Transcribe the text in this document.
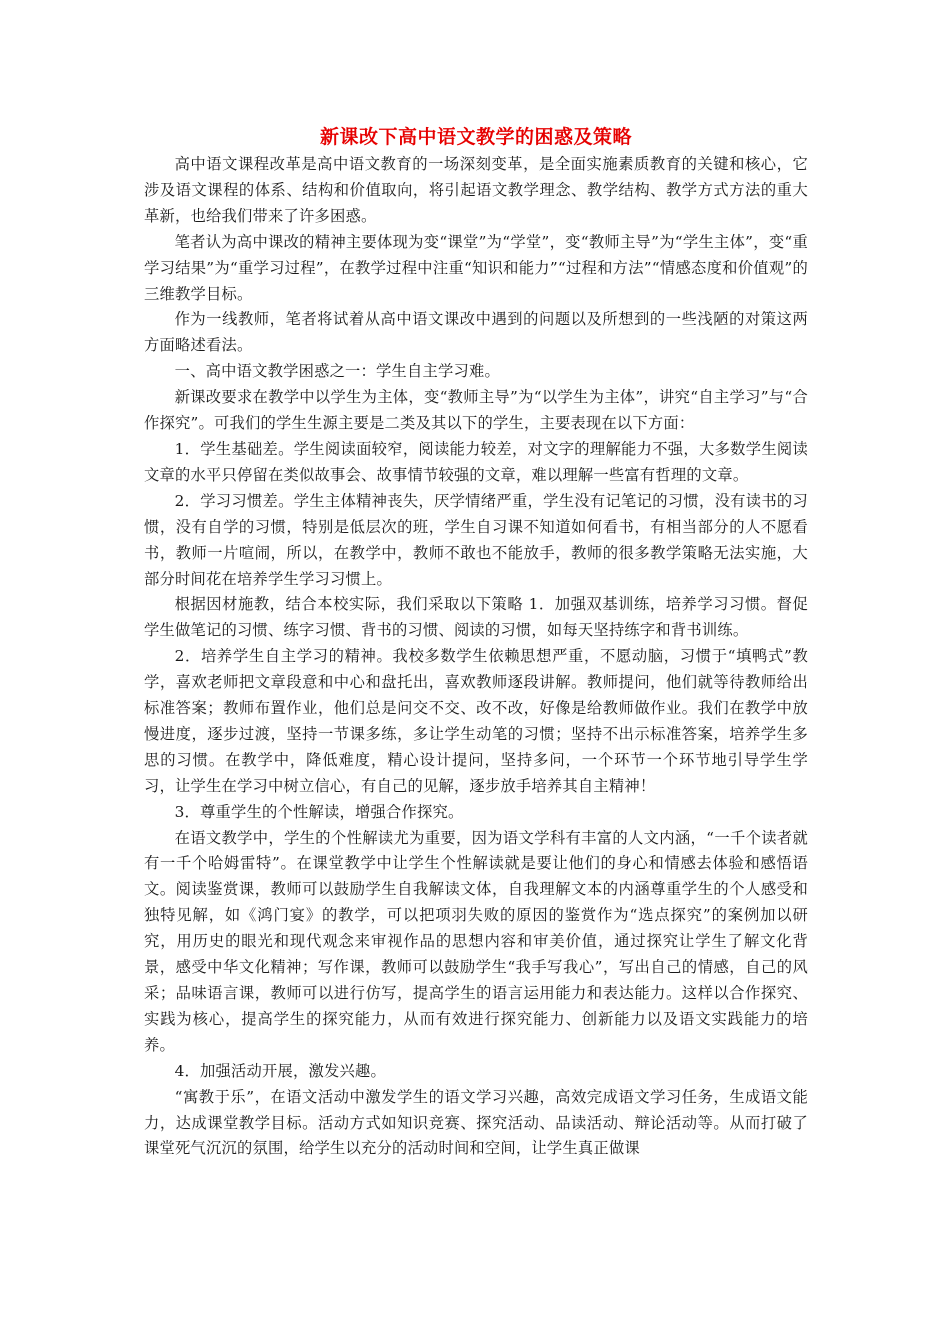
新课改下高中语文教学的困惑及策略

高中语文课程改革是高中语文教育的一场深刻变革，是全面实施素质教育的关键和核心，它涉及语文课程的体系、结构和价值取向，将引起语文教学理念、教学结构、教学方式方法的重大革新，也给我们带来了许多困惑。

笔者认为高中课改的精神主要体现为变“课堂”为“学堂”，变“教师主导”为“学生主体”，变“重学习结果”为“重学习过程”，在教学过程中注重“知识和能力”“过程和方法”“情感态度和价值观”的三维教学目标。

作为一线教师，笔者将试着从高中语文课改中遇到的问题以及所想到的一些浅陋的对策这两方面略述看法。

一、高中语文教学困惑之一：学生自主学习难。

新课改要求在教学中以学生为主体，变“教师主导”为“以学生为主体”，讲究“自主学习”与“合作探究”。可我们的学生生源主要是二类及其以下的学生，主要表现在以下方面：

1．学生基础差。学生阅读面较窄，阅读能力较差，对文字的理解能力不强，大多数学生阅读文章的水平只停留在类似故事会、故事情节较强的文章，难以理解一些富有哲理的文章。

2．学习习惯差。学生主体精神丧失，厌学情绪严重，学生没有记笔记的习惯，没有读书的习惯，没有自学的习惯，特别是低层次的班，学生自习课不知道如何看书，有相当部分的人不愿看书，教师一片喧闹，所以，在教学中，教师不敢也不能放手，教师的很多教学策略无法实施，大部分时间花在培养学生学习习惯上。

根据因材施教，结合本校实际，我们采取以下策略 1．加强双基训练，培养学习习惯。督促学生做笔记的习惯、练字习惯、背书的习惯、阅读的习惯，如每天坚持练字和背书训练。

2．培养学生自主学习的精神。我校多数学生依赖思想严重，不愿动脑，习惯于“填鸭式”教学，喜欢老师把文章段意和中心和盘托出，喜欢教师逐段讲解。教师提问，他们就等待教师给出标准答案；教师布置作业，他们总是问交不交、改不改，好像是给教师做作业。我们在教学中放慢进度，逐步过渡，坚持一节课多练，多让学生动笔的习惯；坚持不出示标准答案，培养学生多思的习惯。在教学中，降低难度，精心设计提问，坚持多问，一个环节一个环节地引导学生学习，让学生在学习中树立信心，有自己的见解，逐步放手培养其自主精神！

3．尊重学生的个性解读，增强合作探究。

在语文教学中，学生的个性解读尤为重要，因为语文学科有丰富的人文内涵，“一千个读者就有一千个哈姆雷特”。在课堂教学中让学生个性解读就是要让他们的身心和情感去体验和感悟语文。阅读鉴赏课，教师可以鼓励学生自我解读文体，自我理解文本的内涵尊重学生的个人感受和独特见解，如《鸿门宴》的教学，可以把项羽失败的原因的鉴赏作为“选点探究”的案例加以研究，用历史的眼光和现代观念来审视作品的思想内容和审美价值，通过探究让学生了解文化背景，感受中华文化精神；写作课，教师可以鼓励学生“我手写我心”，写出自己的情感，自己的风采；品味语言课，教师可以进行仿写，提高学生的语言运用能力和表达能力。这样以合作探究、实践为核心，提高学生的探究能力，从而有效进行探究能力、创新能力以及语文实践能力的培养。

4．加强活动开展，激发兴趣。

“寓教于乐”，在语文活动中激发学生的语文学习兴趣，高效完成语文学习任务，生成语文能力，达成课堂教学目标。活动方式如知识竞赛、探究活动、品读活动、辩论活动等。从而打破了课堂死气沉沉的氛围，给学生以充分的活动时间和空间，让学生真正做课
